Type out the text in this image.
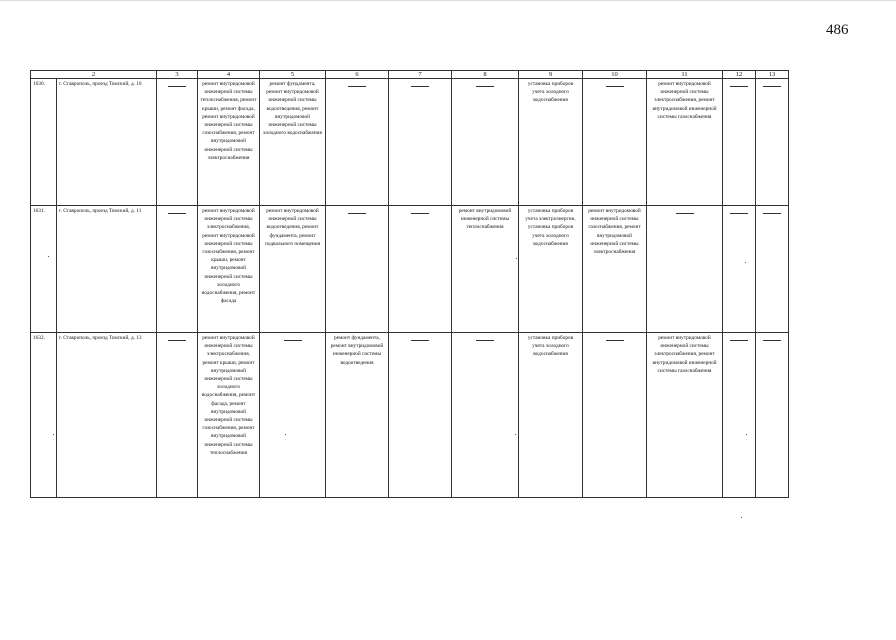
486
2		3	4	5	6	7	8	9	10	11	12	13
1630.	г. Ставрополь, проезд Томский, д. 10		ремонт внутридомовой инженерной системы теплоснабжения, ремонт крыши, ремонт фасада, ремонт внутридомовой инженерной системы газоснабжения, ремонт внутридомовой инженерной системы электроснабжения	ремонт фундамента, ремонт внутридомовой инженерной системы водоотведения, ремонт внутридомовой инженерной системы холодного водоснабжения				установка приборов учета холодного водоснабжения		ремонт внутридомовой инженерной системы электроснабжения, ремонт внутридомовой инженерной системы газоснабжения	

1631.	г. Ставрополь, проезд Томский, д. 11		ремонт внутридомовой инженерной системы электроснабжения, ремонт внутридомовой инженерной системы газоснабжения, ремонт крыши, ремонт внутридомовой инженерной системы холодного водоснабжения, ремонт фасада	ремонт внутридомовой инженерной системы водоотведения, ремонт фундамента, ремонт подвального помещения			ремонт внутридомовой инженерной системы теплоснабжения	установка приборов учета электроэнергии, установка приборов учета холодного водоснабжения	ремонт внутридомовой инженерной системы газоснабжения, ремонт внутридомовой инженерной системы электроснабжения	

1632.	г. Ставрополь, проезд Томский, д. 13		ремонт внутридомовой инженерной системы электроснабжения, ремонт крыши, ремонт внутридомовой инженерной системы холодного водоснабжения, ремонт фасада, ремонт внутридомовой инженерной системы газоснабжения, ремонт внутридомовой инженерной системы теплоснабжения		ремонт фундамента, ремонт внутридомовой инженерной системы водоотведения			установка приборов учета холодного водоснабжения		ремонт внутридомовой инженерной системы электроснабжения, ремонт внутридомовой инженерной системы газоснабжения	
